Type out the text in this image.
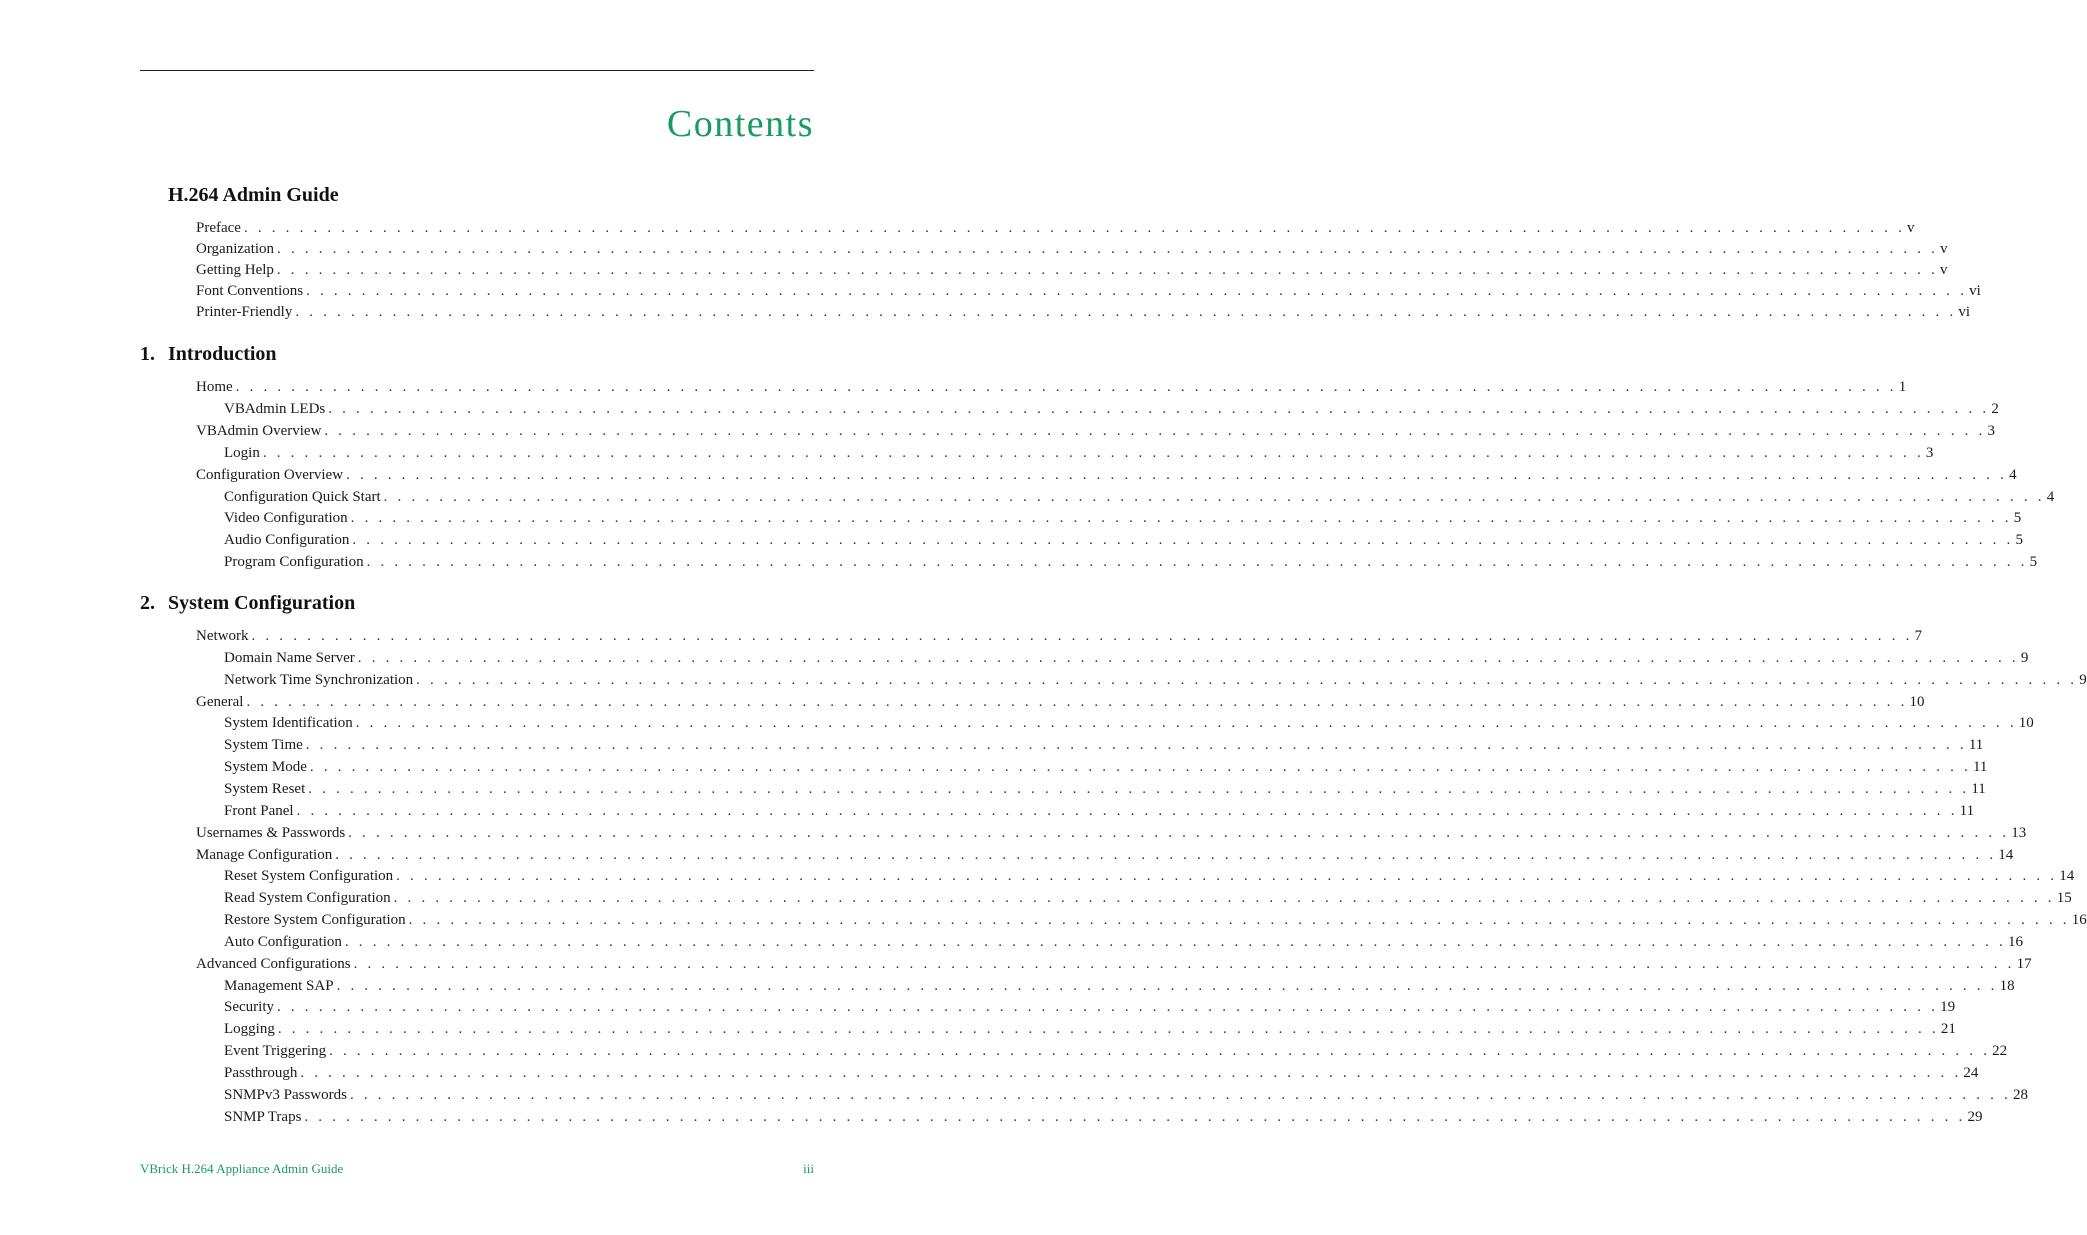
Contents
H.264 Admin Guide
1. Introduction
2. System Configuration
Preface . . . . . . . . . . . . . . . . . . . . . . . . . . . . . . . . . . . . . . . . . . . . . . . . . . . . . . . . . . . . . . . . . . . . . . . . . . . . . . . . . . . . . . . . . . . . . . . . . . . . . . . . . . . . . . . . . . . . . . . . v
Organization . . . . . . . . . . . . . . . . . . . . . . . . . . . . . . . . . . . . . . . . . . . . . . . . . . . . . . . . . . . . . . . . . . . . . . . . . . . . . . . . . . . . . . . . . . . . . . . . . . . . . . . . . . . . . . . . . . . . . . . . v
Getting Help . . . . . . . . . . . . . . . . . . . . . . . . . . . . . . . . . . . . . . . . . . . . . . . . . . . . . . . . . . . . . . . . . . . . . . . . . . . . . . . . . . . . . . . . . . . . . . . . . . . . . . . . . . . . . . . . . . . . . . . . v
Font Conventions . . . . . . . . . . . . . . . . . . . . . . . . . . . . . . . . . . . . . . . . . . . . . . . . . . . . . . . . . . . . . . . . . . . . . . . . . . . . . . . . . . . . . . . . . . . . . . . . . . . . . . . . . . . . . . . . . . . . . . . . vi
Printer-Friendly . . . . . . . . . . . . . . . . . . . . . . . . . . . . . . . . . . . . . . . . . . . . . . . . . . . . . . . . . . . . . . . . . . . . . . . . . . . . . . . . . . . . . . . . . . . . . . . . . . . . . . . . . . . . . . . . . . . . . . . . vi
Home . . . . . . . . . . . . . . . . . . . . . . . . . . . . . . . . . . . . . . . . . . . . . . . . . . . . . . . . . . . . . . . . . . . . . . . . . . . . . . . . . . . . . . . . . . . . . . . . . . . . . . . . . . . . . . . . . . . . . . . . 1
VBAdmin LEDs . . . . . . . . . . . . . . . . . . . . . . . . . . . . . . . . . . . . . . . . . . . . . . . . . . . . . . . . . . . . . . . . . . . . . . . . . . . . . . . . . . . . . . . . . . . . . . . . . . . . . . . . . . . . . . . . . . . . . . . . 2
VBAdmin Overview . . . . . . . . . . . . . . . . . . . . . . . . . . . . . . . . . . . . . . . . . . . . . . . . . . . . . . . . . . . . . . . . . . . . . . . . . . . . . . . . . . . . . . . . . . . . . . . . . . . . . . . . . . . . . . . . . . . . . . . . 3
Login . . . . . . . . . . . . . . . . . . . . . . . . . . . . . . . . . . . . . . . . . . . . . . . . . . . . . . . . . . . . . . . . . . . . . . . . . . . . . . . . . . . . . . . . . . . . . . . . . . . . . . . . . . . . . . . . . . . . . . . . 3
Configuration Overview . . . . . . . . . . . . . . . . . . . . . . . . . . . . . . . . . . . . . . . . . . . . . . . . . . . . . . . . . . . . . . . . . . . . . . . . . . . . . . . . . . . . . . . . . . . . . . . . . . . . . . . . . . . . . . . . . . . . . . . . 4
Configuration Quick Start . . . . . . . . . . . . . . . . . . . . . . . . . . . . . . . . . . . . . . . . . . . . . . . . . . . . . . . . . . . . . . . . . . . . . . . . . . . . . . . . . . . . . . . . . . . . . . . . . . . . . . . . . . . . . . . . . . . . . . . . 4
Video Configuration . . . . . . . . . . . . . . . . . . . . . . . . . . . . . . . . . . . . . . . . . . . . . . . . . . . . . . . . . . . . . . . . . . . . . . . . . . . . . . . . . . . . . . . . . . . . . . . . . . . . . . . . . . . . . . . . . . . . . . . . 5
Audio Configuration . . . . . . . . . . . . . . . . . . . . . . . . . . . . . . . . . . . . . . . . . . . . . . . . . . . . . . . . . . . . . . . . . . . . . . . . . . . . . . . . . . . . . . . . . . . . . . . . . . . . . . . . . . . . . . . . . . . . . . . . 5
Program Configuration . . . . . . . . . . . . . . . . . . . . . . . . . . . . . . . . . . . . . . . . . . . . . . . . . . . . . . . . . . . . . . . . . . . . . . . . . . . . . . . . . . . . . . . . . . . . . . . . . . . . . . . . . . . . . . . . . . . . . . . . 5
Network . . . . . . . . . . . . . . . . . . . . . . . . . . . . . . . . . . . . . . . . . . . . . . . . . . . . . . . . . . . . . . . . . . . . . . . . . . . . . . . . . . . . . . . . . . . . . . . . . . . . . . . . . . . . . . . . . . . . . . . . 7
Domain Name Server . . . . . . . . . . . . . . . . . . . . . . . . . . . . . . . . . . . . . . . . . . . . . . . . . . . . . . . . . . . . . . . . . . . . . . . . . . . . . . . . . . . . . . . . . . . . . . . . . . . . . . . . . . . . . . . . . . . . . . . . 9
Network Time Synchronization . . . . . . . . . . . . . . . . . . . . . . . . . . . . . . . . . . . . . . . . . . . . . . . . . . . . . . . . . . . . . . . . . . . . . . . . . . . . . . . . . . . . . . . . . . . . . . . . . . . . . . . . . . . . . . . . . . . . . . . . 9
General . . . . . . . . . . . . . . . . . . . . . . . . . . . . . . . . . . . . . . . . . . . . . . . . . . . . . . . . . . . . . . . . . . . . . . . . . . . . . . . . . . . . . . . . . . . . . . . . . . . . . . . . . . . . . . . . . . . . . . . . 10
System Identification . . . . . . . . . . . . . . . . . . . . . . . . . . . . . . . . . . . . . . . . . . . . . . . . . . . . . . . . . . . . . . . . . . . . . . . . . . . . . . . . . . . . . . . . . . . . . . . . . . . . . . . . . . . . . . . . . . . . . . . . 10
System Time . . . . . . . . . . . . . . . . . . . . . . . . . . . . . . . . . . . . . . . . . . . . . . . . . . . . . . . . . . . . . . . . . . . . . . . . . . . . . . . . . . . . . . . . . . . . . . . . . . . . . . . . . . . . . . . . . . . . . . . . 11
System Mode . . . . . . . . . . . . . . . . . . . . . . . . . . . . . . . . . . . . . . . . . . . . . . . . . . . . . . . . . . . . . . . . . . . . . . . . . . . . . . . . . . . . . . . . . . . . . . . . . . . . . . . . . . . . . . . . . . . . . . . . 11
System Reset . . . . . . . . . . . . . . . . . . . . . . . . . . . . . . . . . . . . . . . . . . . . . . . . . . . . . . . . . . . . . . . . . . . . . . . . . . . . . . . . . . . . . . . . . . . . . . . . . . . . . . . . . . . . . . . . . . . . . . . . 11
Front Panel . . . . . . . . . . . . . . . . . . . . . . . . . . . . . . . . . . . . . . . . . . . . . . . . . . . . . . . . . . . . . . . . . . . . . . . . . . . . . . . . . . . . . . . . . . . . . . . . . . . . . . . . . . . . . . . . . . . . . . . . 11
Usernames & Passwords . . . . . . . . . . . . . . . . . . . . . . . . . . . . . . . . . . . . . . . . . . . . . . . . . . . . . . . . . . . . . . . . . . . . . . . . . . . . . . . . . . . . . . . . . . . . . . . . . . . . . . . . . . . . . . . . . . . . . . . . 13
Manage Configuration . . . . . . . . . . . . . . . . . . . . . . . . . . . . . . . . . . . . . . . . . . . . . . . . . . . . . . . . . . . . . . . . . . . . . . . . . . . . . . . . . . . . . . . . . . . . . . . . . . . . . . . . . . . . . . . . . . . . . . . . 14
Reset System Configuration . . . . . . . . . . . . . . . . . . . . . . . . . . . . . . . . . . . . . . . . . . . . . . . . . . . . . . . . . . . . . . . . . . . . . . . . . . . . . . . . . . . . . . . . . . . . . . . . . . . . . . . . . . . . . . . . . . . . . . . . 14
Read System Configuration . . . . . . . . . . . . . . . . . . . . . . . . . . . . . . . . . . . . . . . . . . . . . . . . . . . . . . . . . . . . . . . . . . . . . . . . . . . . . . . . . . . . . . . . . . . . . . . . . . . . . . . . . . . . . . . . . . . . . . . . 15
Restore System Configuration . . . . . . . . . . . . . . . . . . . . . . . . . . . . . . . . . . . . . . . . . . . . . . . . . . . . . . . . . . . . . . . . . . . . . . . . . . . . . . . . . . . . . . . . . . . . . . . . . . . . . . . . . . . . . . . . . . . . . . . . 16
Auto Configuration . . . . . . . . . . . . . . . . . . . . . . . . . . . . . . . . . . . . . . . . . . . . . . . . . . . . . . . . . . . . . . . . . . . . . . . . . . . . . . . . . . . . . . . . . . . . . . . . . . . . . . . . . . . . . . . . . . . . . . . . 16
Advanced Configurations . . . . . . . . . . . . . . . . . . . . . . . . . . . . . . . . . . . . . . . . . . . . . . . . . . . . . . . . . . . . . . . . . . . . . . . . . . . . . . . . . . . . . . . . . . . . . . . . . . . . . . . . . . . . . . . . . . . . . . . . 17
Management SAP . . . . . . . . . . . . . . . . . . . . . . . . . . . . . . . . . . . . . . . . . . . . . . . . . . . . . . . . . . . . . . . . . . . . . . . . . . . . . . . . . . . . . . . . . . . . . . . . . . . . . . . . . . . . . . . . . . . . . . . . 18
Security . . . . . . . . . . . . . . . . . . . . . . . . . . . . . . . . . . . . . . . . . . . . . . . . . . . . . . . . . . . . . . . . . . . . . . . . . . . . . . . . . . . . . . . . . . . . . . . . . . . . . . . . . . . . . . . . . . . . . . . . 19
Logging . . . . . . . . . . . . . . . . . . . . . . . . . . . . . . . . . . . . . . . . . . . . . . . . . . . . . . . . . . . . . . . . . . . . . . . . . . . . . . . . . . . . . . . . . . . . . . . . . . . . . . . . . . . . . . . . . . . . . . . . 21
Event Triggering . . . . . . . . . . . . . . . . . . . . . . . . . . . . . . . . . . . . . . . . . . . . . . . . . . . . . . . . . . . . . . . . . . . . . . . . . . . . . . . . . . . . . . . . . . . . . . . . . . . . . . . . . . . . . . . . . . . . . . . . 22
Passthrough . . . . . . . . . . . . . . . . . . . . . . . . . . . . . . . . . . . . . . . . . . . . . . . . . . . . . . . . . . . . . . . . . . . . . . . . . . . . . . . . . . . . . . . . . . . . . . . . . . . . . . . . . . . . . . . . . . . . . . . . 24
SNMPv3 Passwords . . . . . . . . . . . . . . . . . . . . . . . . . . . . . . . . . . . . . . . . . . . . . . . . . . . . . . . . . . . . . . . . . . . . . . . . . . . . . . . . . . . . . . . . . . . . . . . . . . . . . . . . . . . . . . . . . . . . . . . . 28
SNMP Traps . . . . . . . . . . . . . . . . . . . . . . . . . . . . . . . . . . . . . . . . . . . . . . . . . . . . . . . . . . . . . . . . . . . . . . . . . . . . . . . . . . . . . . . . . . . . . . . . . . . . . . . . . . . . . . . . . . . . . . . . 29
VBrick H.264 Appliance Admin Guide	iii
